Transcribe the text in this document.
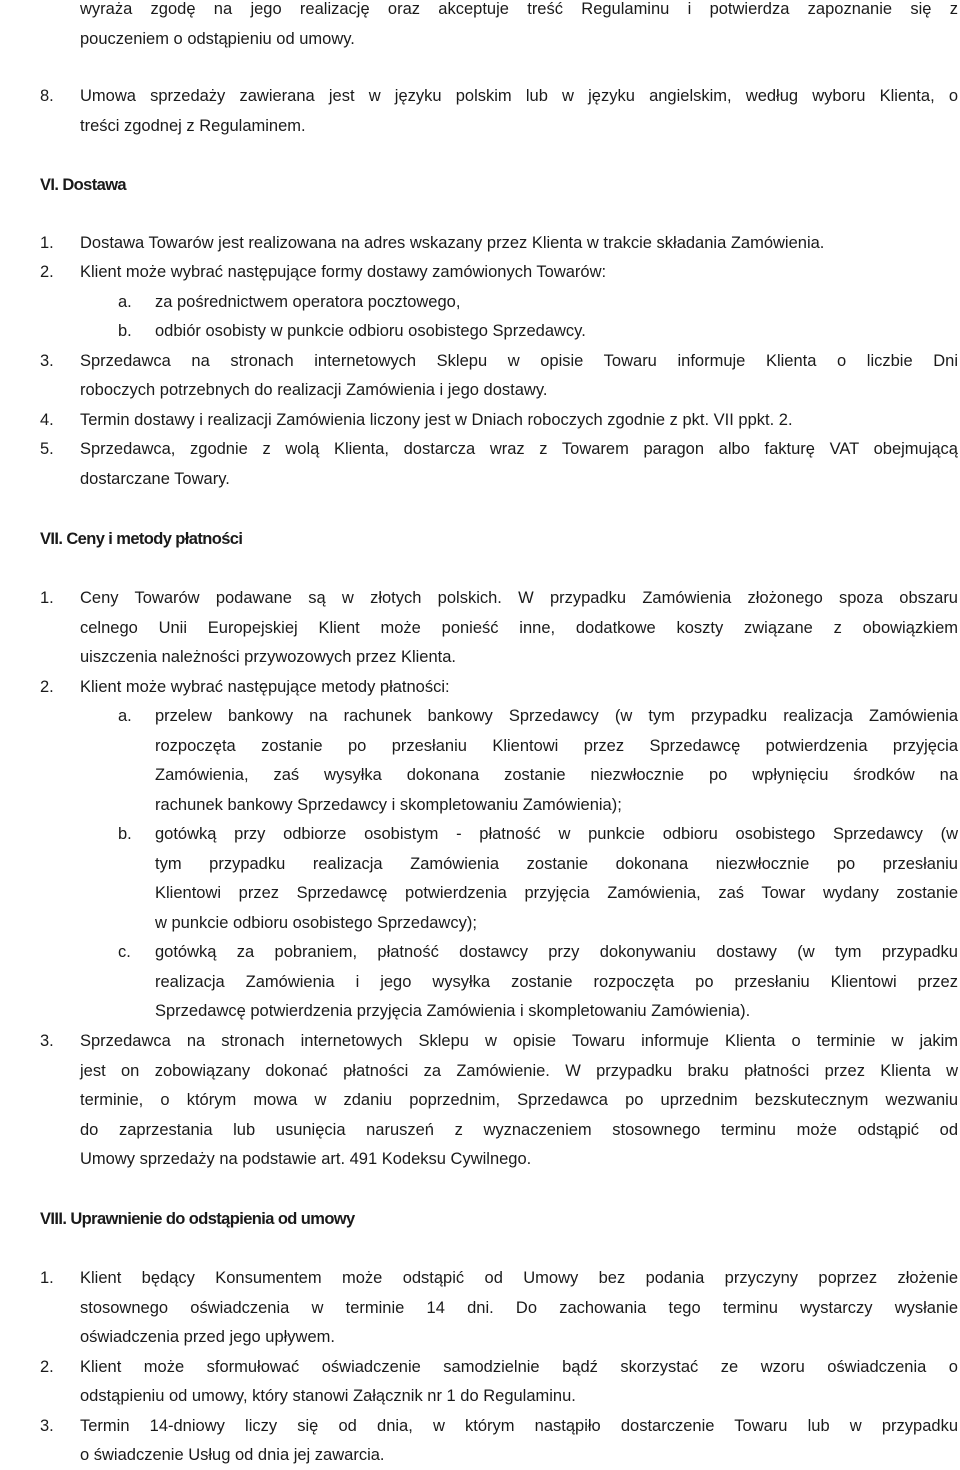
wyraża zgodę na jego realizację oraz akceptuje treść Regulaminu i potwierdza zapoznanie się z

pouczeniem o odstąpieniu od umowy.

8. Umowa sprzedaży zawierana jest w języku polskim lub w języku angielskim, według wyboru Klienta, o

treści zgodnej z Regulaminem.

VI. Dostawa

1. Dostawa Towarów jest realizowana na adres wskazany przez Klienta w trakcie składania Zamówienia.

2. Klient może wybrać następujące formy dostawy zamówionych Towarów:

a. za pośrednictwem operatora pocztowego,

b. odbiór osobisty w punkcie odbioru osobistego Sprzedawcy.

3. Sprzedawca na stronach internetowych Sklepu w opisie Towaru informuje Klienta o liczbie Dni

roboczych potrzebnych do realizacji Zamówienia i jego dostawy.

4. Termin dostawy i realizacji Zamówienia liczony jest w Dniach roboczych zgodnie z pkt. VII ppkt. 2.

5. Sprzedawca, zgodnie z wolą Klienta, dostarcza wraz z Towarem paragon albo fakturę VAT obejmującą

dostarczane Towary.

VII. Ceny i metody płatności

1. Ceny Towarów podawane są w złotych polskich. W przypadku Zamówienia złożonego spoza obszaru

celnego Unii Europejskiej Klient może ponieść inne, dodatkowe koszty związane z obowiązkiem

uiszczenia należności przywozowych przez Klienta.

2. Klient może wybrać następujące metody płatności:

a. przelew bankowy na rachunek bankowy Sprzedawcy (w tym przypadku realizacja Zamówienia

rozpoczęta zostanie po przesłaniu Klientowi przez Sprzedawcę potwierdzenia przyjęcia

Zamówienia, zaś wysyłka dokonana zostanie niezwłocznie po wpłynięciu środków na

rachunek bankowy Sprzedawcy i skompletowaniu Zamówienia);

b. gotówką przy odbiorze osobistym - płatność w punkcie odbioru osobistego Sprzedawcy (w

tym przypadku realizacja Zamówienia zostanie dokonana niezwłocznie po przesłaniu

Klientowi przez Sprzedawcę potwierdzenia przyjęcia Zamówienia, zaś Towar wydany zostanie

w punkcie odbioru osobistego Sprzedawcy);

c. gotówką za pobraniem, płatność dostawcy przy dokonywaniu dostawy (w tym przypadku

realizacja Zamówienia i jego wysyłka zostanie rozpoczęta po przesłaniu Klientowi przez

Sprzedawcę potwierdzenia przyjęcia Zamówienia i skompletowaniu Zamówienia).

3. Sprzedawca na stronach internetowych Sklepu w opisie Towaru informuje Klienta o terminie w jakim

jest on zobowiązany dokonać płatności za Zamówienie. W przypadku braku płatności przez Klienta w

terminie, o którym mowa w zdaniu poprzednim, Sprzedawca po uprzednim bezskutecznym wezwaniu

do zaprzestania lub usunięcia naruszeń z wyznaczeniem stosownego terminu może odstąpić od

Umowy sprzedaży na podstawie art. 491 Kodeksu Cywilnego.

VIII. Uprawnienie do odstąpienia od umowy

1. Klient będący Konsumentem może odstąpić od Umowy bez podania przyczyny poprzez złożenie

stosownego oświadczenia w terminie 14 dni. Do zachowania tego terminu wystarczy wysłanie

oświadczenia przed jego upływem.

2. Klient może sformułować oświadczenie samodzielnie bądź skorzystać ze wzoru oświadczenia o

odstąpieniu od umowy, który stanowi Załącznik nr 1 do Regulaminu.

3. Termin 14-dniowy liczy się od dnia, w którym nastąpiło dostarczenie Towaru lub w przypadku

o świadczenie Usług od dnia jej zawarcia.
